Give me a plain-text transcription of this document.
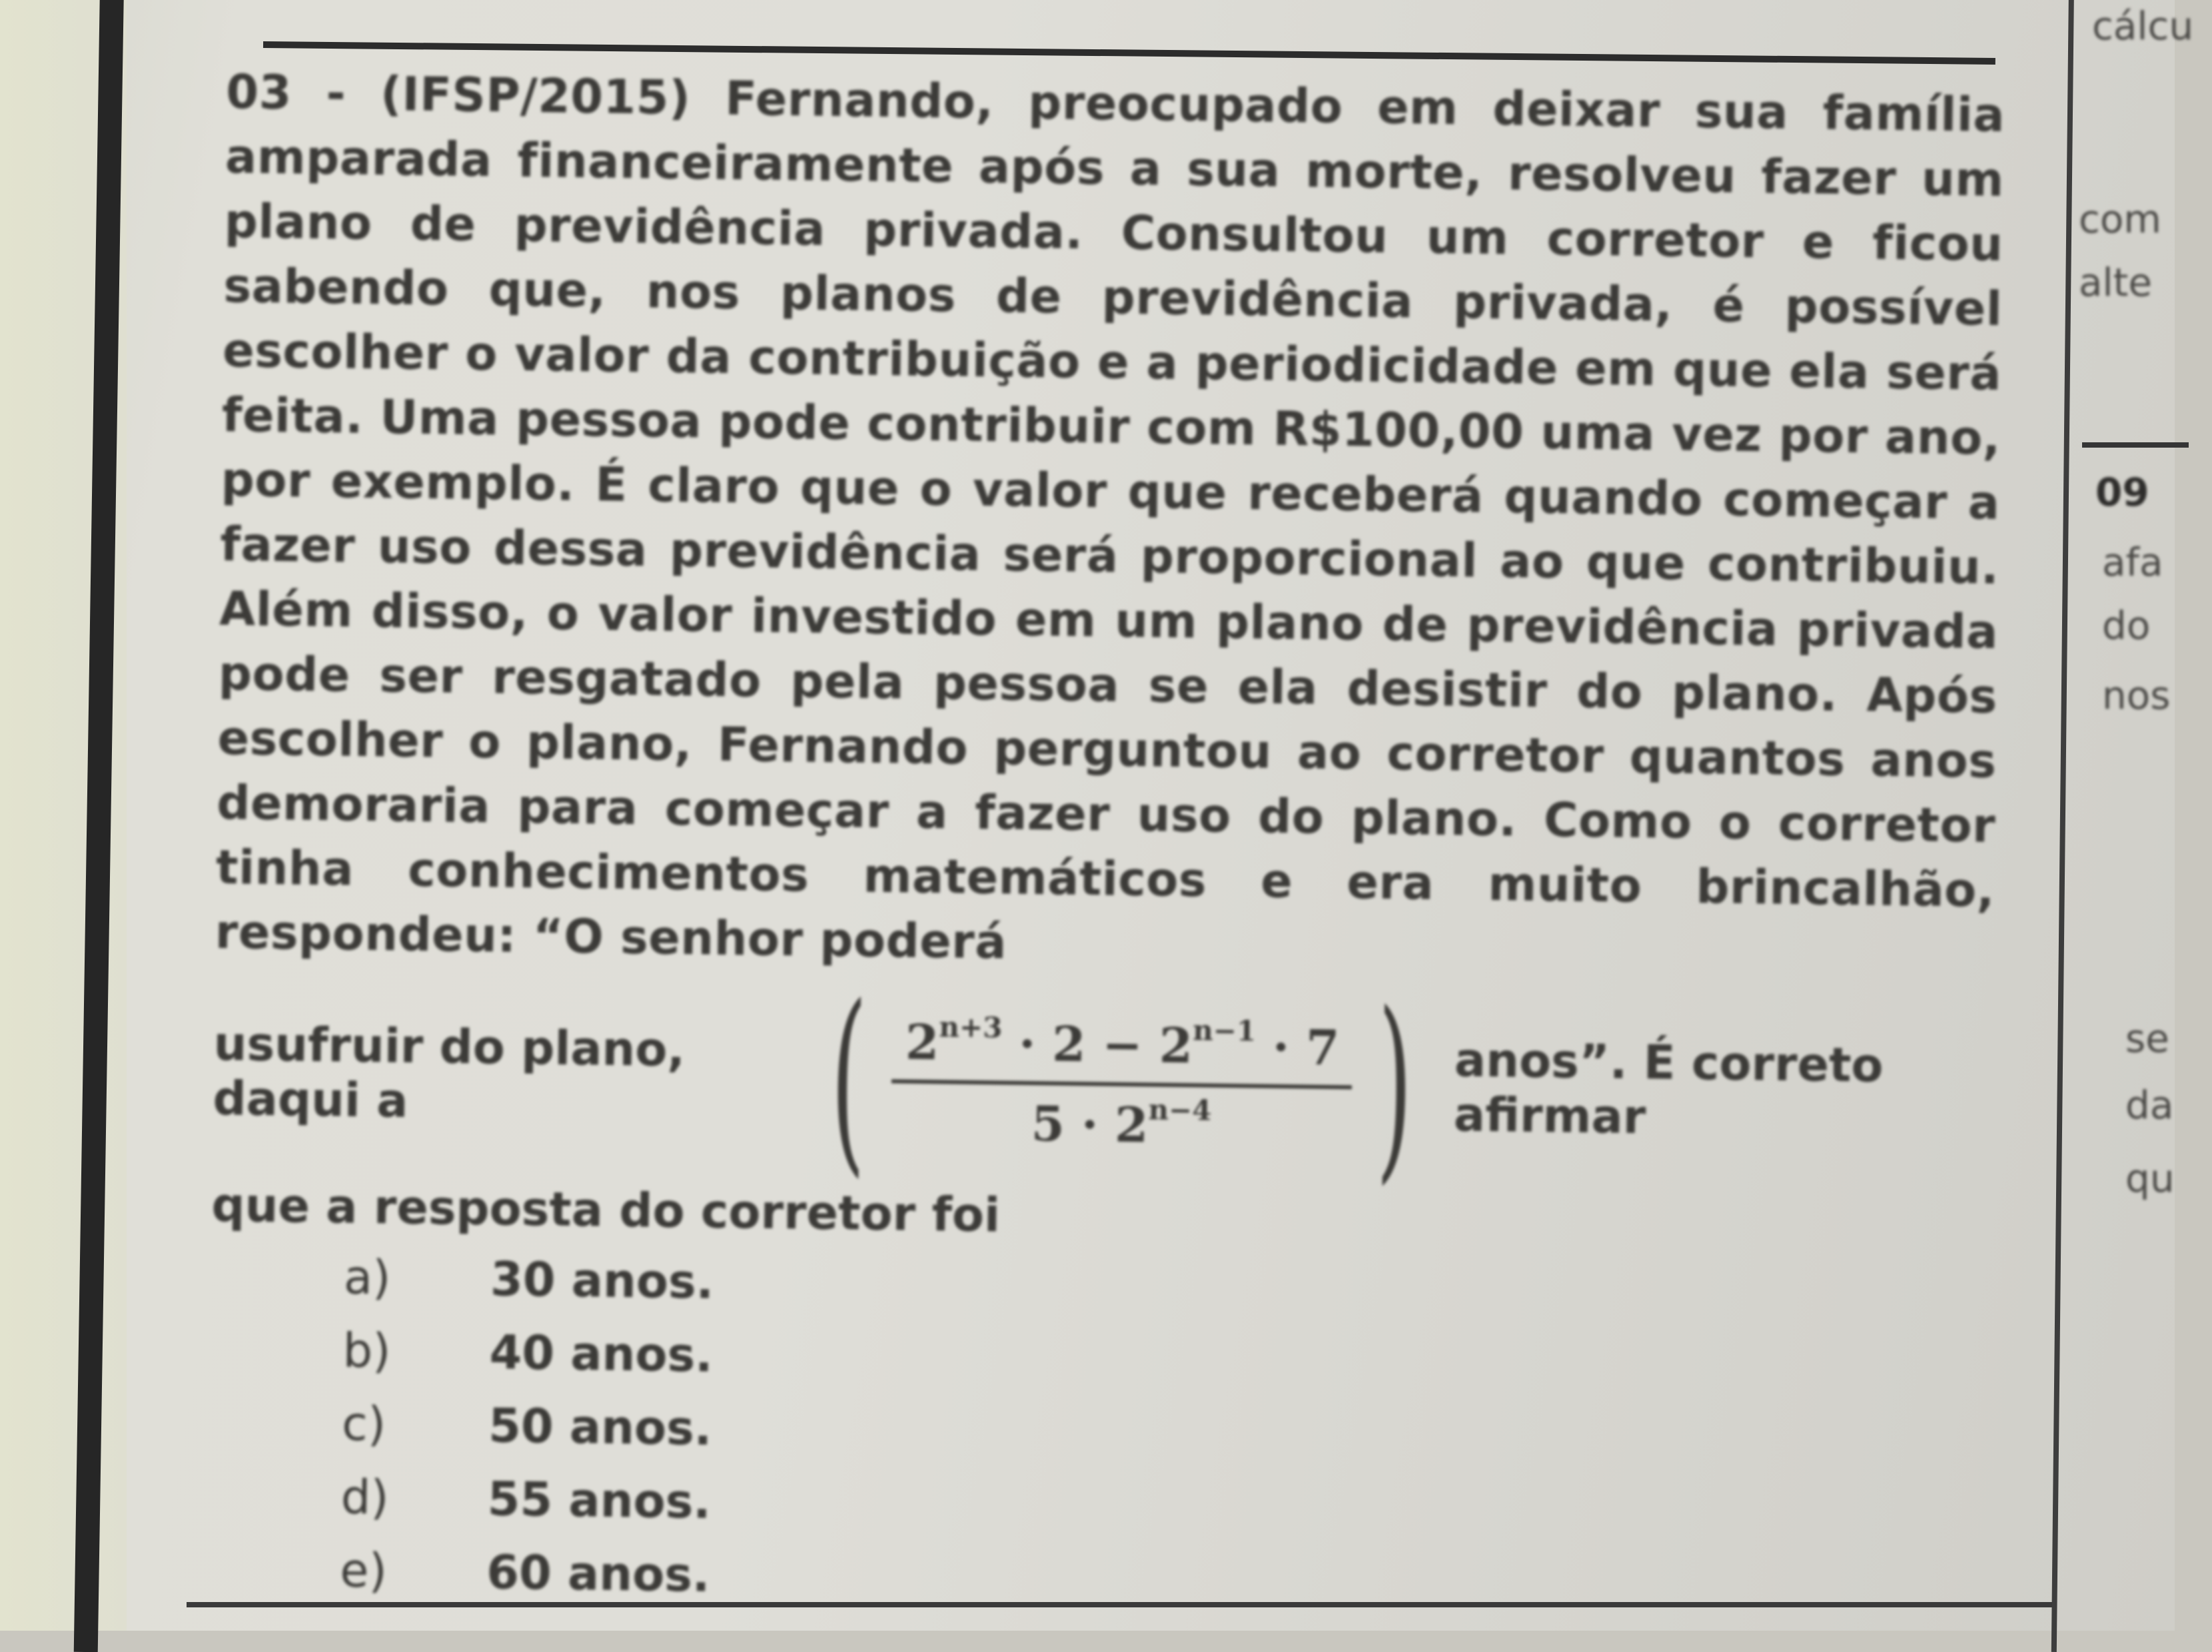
03 - (IFSP/2015) Fernando, preocupado em deixar sua família amparada financeiramente após a sua morte, resolveu fazer um plano de previdência privada. Consultou um corretor e ficou sabendo que, nos planos de previdência privada, é possível escolher o valor da contribuição e a periodicidade em que ela será feita. Uma pessoa pode contribuir com R$100,00 uma vez por ano, por exemplo. É claro que o valor que receberá quando começar a fazer uso dessa previdência será proporcional ao que contribuiu. Além disso, o valor investido em um plano de previdência privada pode ser resgatado pela pessoa se ela desistir do plano. Após escolher o plano, Fernando perguntou ao corretor quantos anos demoraria para começar a fazer uso do plano. Como o corretor tinha conhecimentos matemáticos e era muito brincalhão, respondeu: “O senhor poderá

usufruir do plano, daqui a	( $2^{n+3} \cdot 2 - 2^{n-1} \cdot 7$
$5 \cdot 2^{n-4}$ ) anos”. É correto afirmar
que a resposta do corretor foi
a)	30 anos.
b)	40 anos.
c)	50 anos.
d)	55 anos.
e)	60 anos.
cálcu
com
alte
09
afa
do
nos
se
da
qu
